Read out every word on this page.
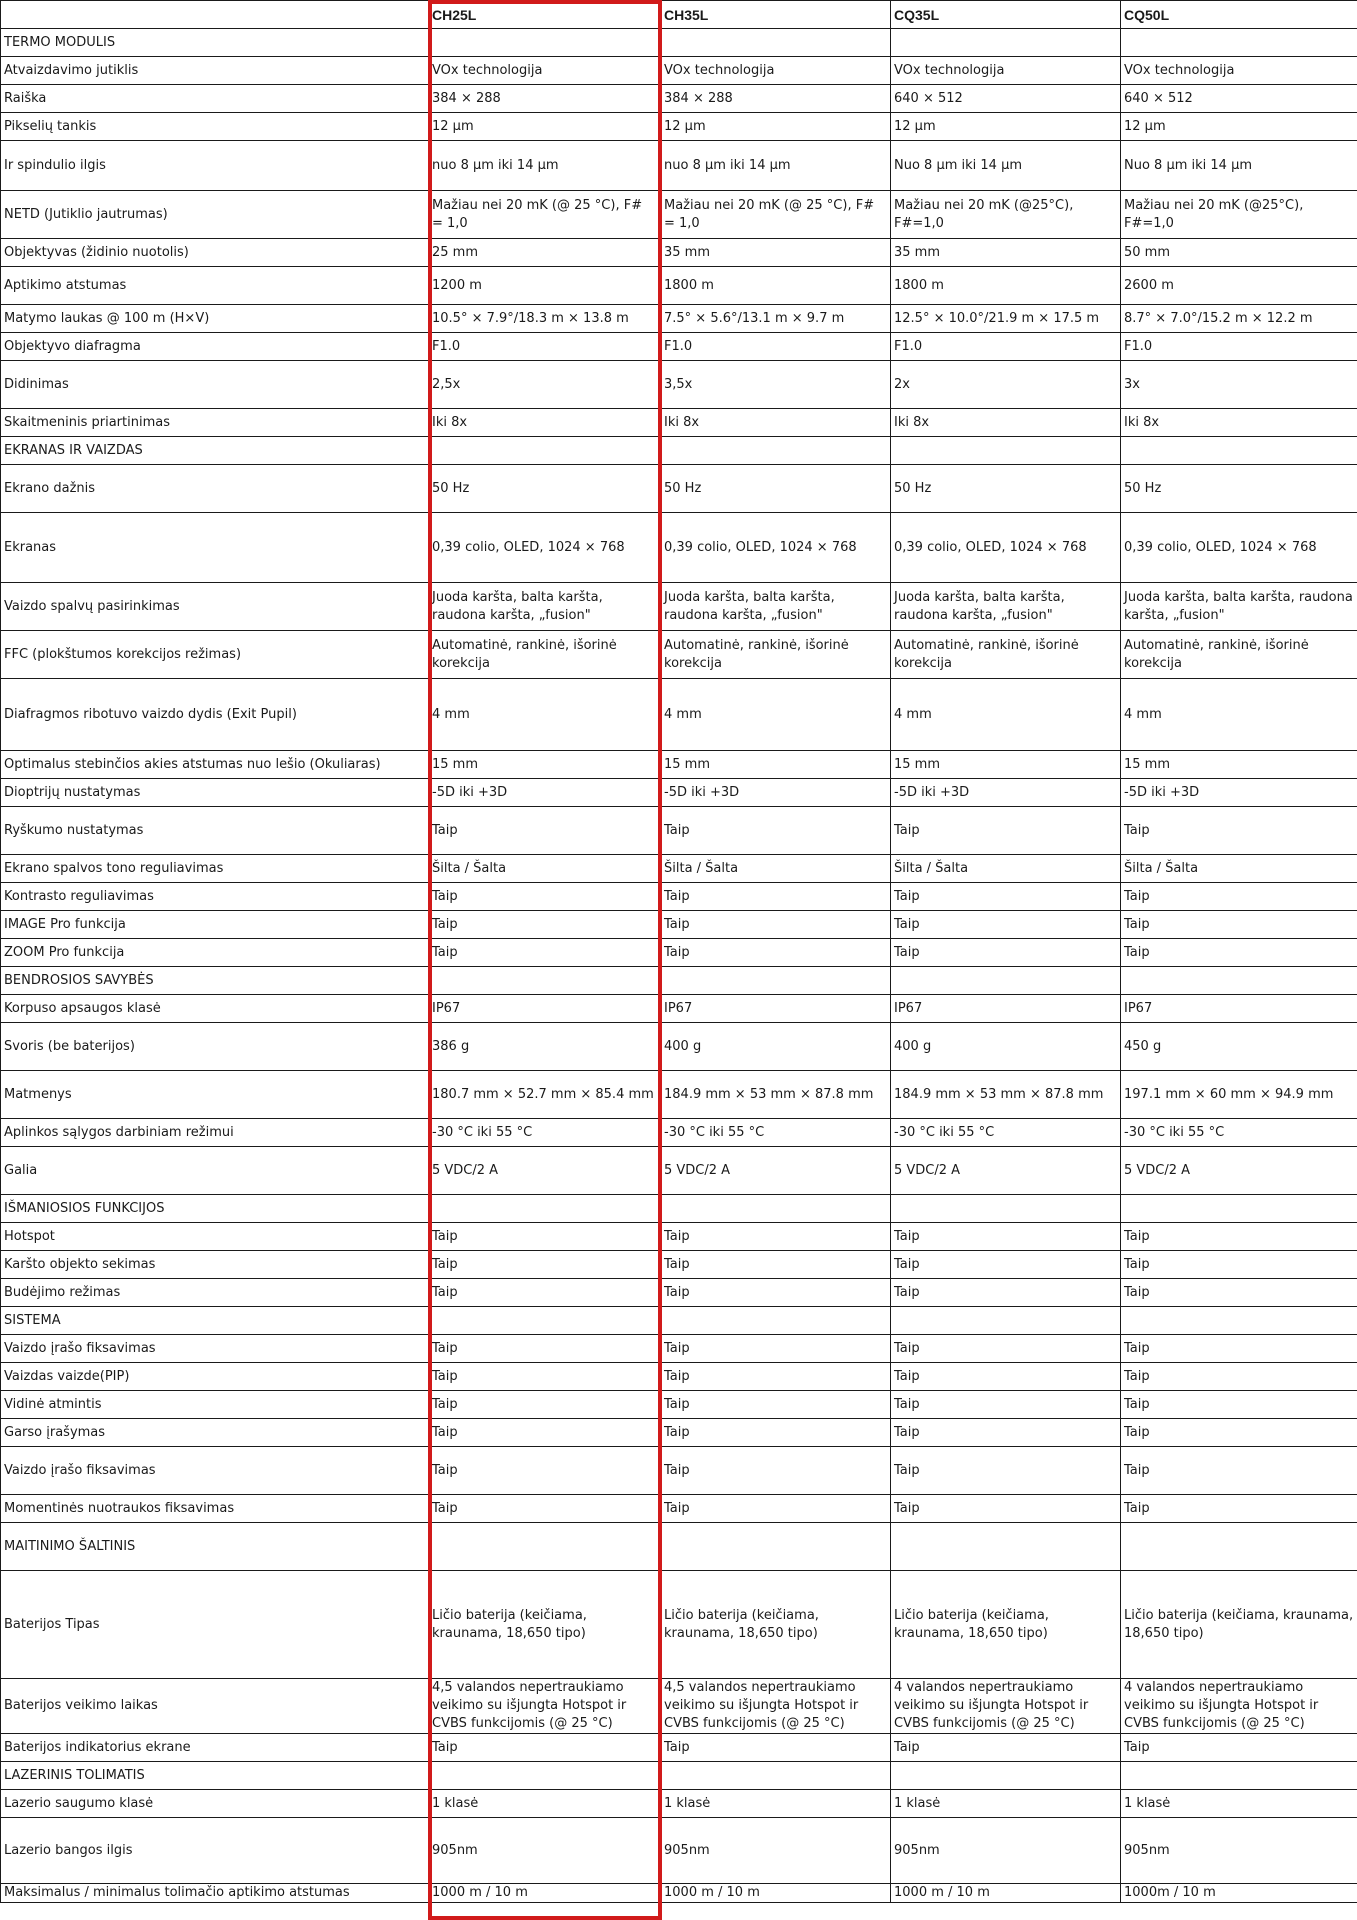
	CH25L	CH35L	CQ35L	CQ50L
TERMO MODULIS				
Atvaizdavimo jutiklis	VOx technologija	VOx technologija	VOx technologija	VOx technologija
Raiška	384 × 288	384 × 288	640 × 512	640 × 512
Pikselių tankis	12 μm	12 μm	12 μm	12 μm
Ir spindulio ilgis	nuo 8 μm iki 14 μm	nuo 8 μm iki 14 μm	Nuo 8 μm iki 14 μm	Nuo 8 μm iki 14 μm
NETD (Jutiklio jautrumas)	Mažiau nei 20 mK (@ 25 °C), F# = 1,0	Mažiau nei 20 mK (@ 25 °C), F# = 1,0	Mažiau nei 20 mK (@25°C), F#=1,0	Mažiau nei 20 mK (@25°C), F#=1,0
Objektyvas (židinio nuotolis)	25 mm	35 mm	35 mm	50 mm
Aptikimo atstumas	1200 m	1800 m	1800 m	2600 m
Matymo laukas @ 100 m (H×V)	10.5° × 7.9°/18.3 m × 13.8 m	7.5° × 5.6°/13.1 m × 9.7 m	12.5° × 10.0°/21.9 m × 17.5 m	8.7° × 7.0°/15.2 m × 12.2 m
Objektyvo diafragma	F1.0	F1.0	F1.0	F1.0
Didinimas	2,5x	3,5x	2x	3x
Skaitmeninis priartinimas	Iki 8x	Iki 8x	Iki 8x	Iki 8x
EKRANAS IR VAIZDAS				
Ekrano dažnis	50 Hz	50 Hz	50 Hz	50 Hz
Ekranas	0,39 colio, OLED, 1024 × 768	0,39 colio, OLED, 1024 × 768	0,39 colio, OLED, 1024 × 768	0,39 colio, OLED, 1024 × 768
Vaizdo spalvų pasirinkimas	Juoda karšta, balta karšta, raudona karšta, „fusion"	Juoda karšta, balta karšta, raudona karšta, „fusion"	Juoda karšta, balta karšta, raudona karšta, „fusion"	Juoda karšta, balta karšta, raudona karšta, „fusion"
FFC (plokštumos korekcijos režimas)	Automatinė, rankinė, išorinė korekcija	Automatinė, rankinė, išorinė korekcija	Automatinė, rankinė, išorinė korekcija	Automatinė, rankinė, išorinė korekcija
Diafragmos ribotuvo vaizdo dydis (Exit Pupil)	4 mm	4 mm	4 mm	4 mm
Optimalus stebinčios akies atstumas nuo lešio (Okuliaras)	15 mm	15 mm	15 mm	15 mm
Dioptrijų nustatymas	-5D iki +3D	-5D iki +3D	-5D iki +3D	-5D iki +3D
Ryškumo nustatymas	Taip	Taip	Taip	Taip
Ekrano spalvos tono reguliavimas	Šilta / Šalta	Šilta / Šalta	Šilta / Šalta	Šilta / Šalta
Kontrasto reguliavimas	Taip	Taip	Taip	Taip
IMAGE Pro funkcija	Taip	Taip	Taip	Taip
ZOOM Pro funkcija	Taip	Taip	Taip	Taip
BENDROSIOS SAVYBĖS				
Korpuso apsaugos klasė	IP67	IP67	IP67	IP67
Svoris (be baterijos)	386 g	400 g	400 g	450 g
Matmenys	180.7 mm × 52.7 mm × 85.4 mm	184.9 mm × 53 mm × 87.8 mm	184.9 mm × 53 mm × 87.8 mm	197.1 mm × 60 mm × 94.9 mm
Aplinkos sąlygos darbiniam režimui	-30 °C iki 55 °C	-30 °C iki 55 °C	-30 °C iki 55 °C	-30 °C iki 55 °C
Galia	5 VDC/2 A	5 VDC/2 A	5 VDC/2 A	5 VDC/2 A
IŠMANIOSIOS FUNKCIJOS				
Hotspot	Taip	Taip	Taip	Taip
Karšto objekto sekimas	Taip	Taip	Taip	Taip
Budėjimo režimas	Taip	Taip	Taip	Taip
SISTEMA				
Vaizdo įrašo fiksavimas	Taip	Taip	Taip	Taip
Vaizdas vaizde(PIP)	Taip	Taip	Taip	Taip
Vidinė atmintis	Taip	Taip	Taip	Taip
Garso įrašymas	Taip	Taip	Taip	Taip
Vaizdo įrašo fiksavimas	Taip	Taip	Taip	Taip
Momentinės nuotraukos fiksavimas	Taip	Taip	Taip	Taip
MAITINIMO ŠALTINIS				
Baterijos Tipas	Ličio baterija (keičiama, kraunama, 18,650 tipo)	Ličio baterija (keičiama, kraunama, 18,650 tipo)	Ličio baterija (keičiama, kraunama, 18,650 tipo)	Ličio baterija (keičiama, kraunama, 18,650 tipo)
Baterijos veikimo laikas	4,5 valandos nepertraukiamo veikimo su išjungta Hotspot ir CVBS funkcijomis (@ 25 °C)	4,5 valandos nepertraukiamo veikimo su išjungta Hotspot ir CVBS funkcijomis (@ 25 °C)	4 valandos nepertraukiamo veikimo su išjungta Hotspot ir CVBS funkcijomis (@ 25 °C)	4 valandos nepertraukiamo veikimo su išjungta Hotspot ir CVBS funkcijomis (@ 25 °C)
Baterijos indikatorius ekrane	Taip	Taip	Taip	Taip
LAZERINIS TOLIMATIS				
Lazerio saugumo klasė	1 klasė	1 klasė	1 klasė	1 klasė
Lazerio bangos ilgis	905nm	905nm	905nm	905nm
Maksimalus / minimalus tolimačio aptikimo atstumas	1000 m / 10 m	1000 m / 10 m	1000 m / 10 m	1000m / 10 m
